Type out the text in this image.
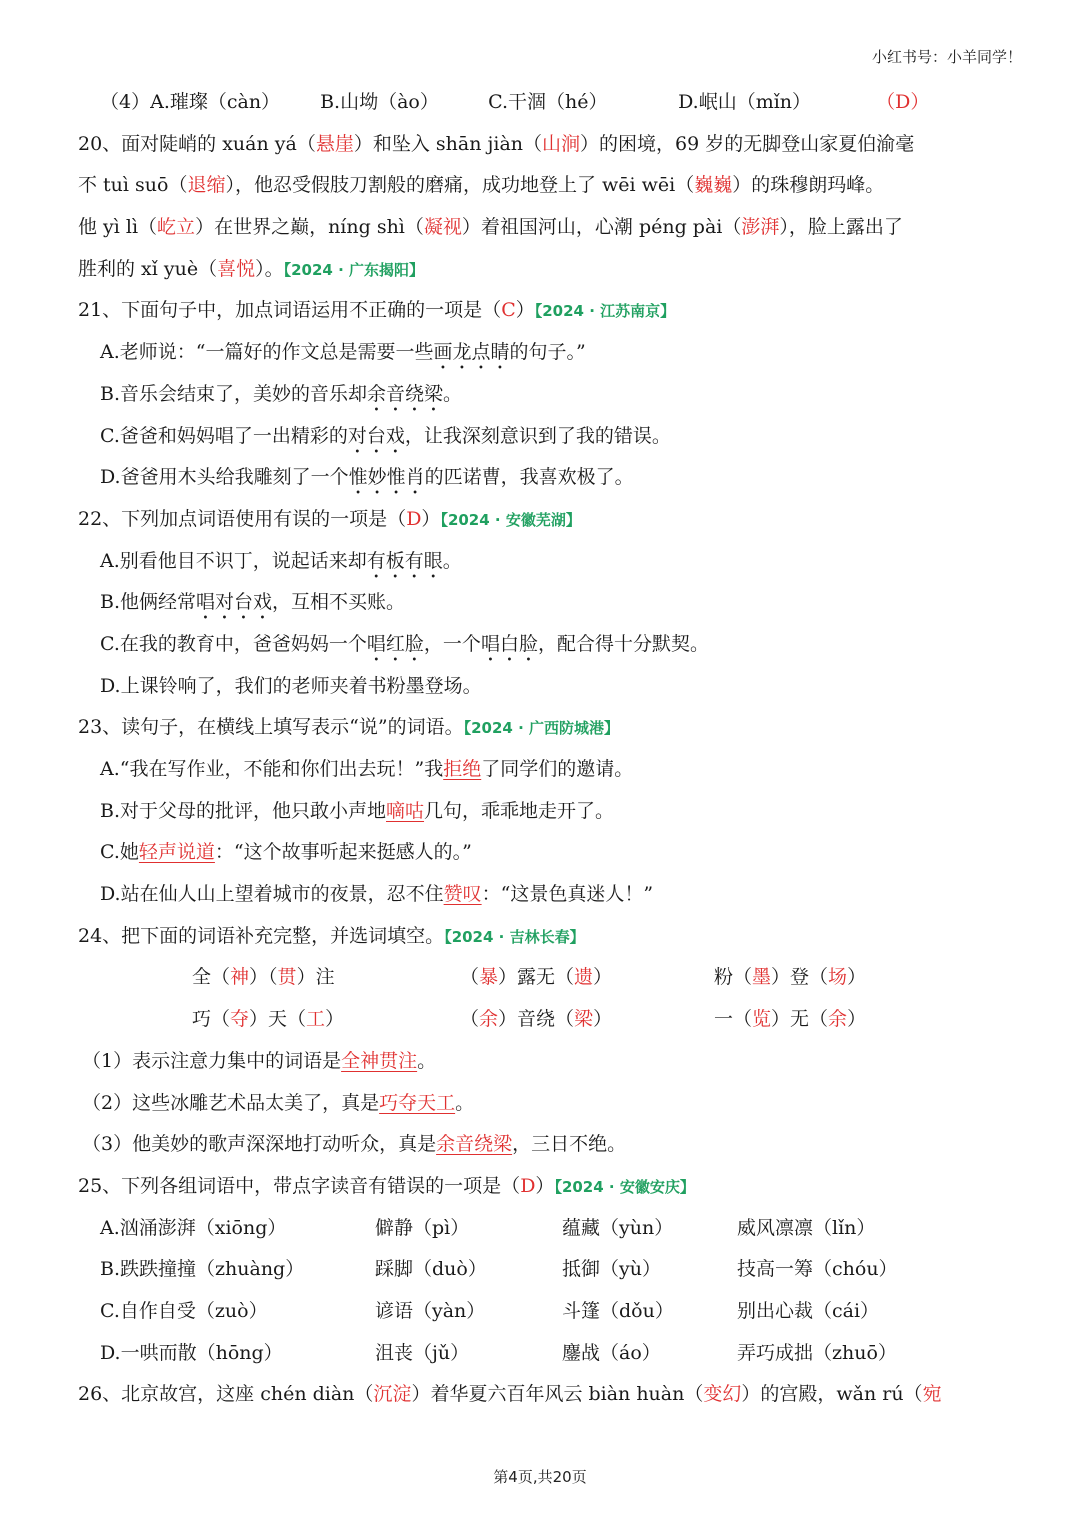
小红书号：小羊同学！
（4） A.璀璨（càn）	B.山坳（ào）	C.干涸（hé）	D.岷山（mǐn）	（D）
20、面对陡峭的 xuán yá（悬崖）和坠入 shān jiàn（山涧）的困境，69 岁的无脚登山家夏伯渝毫
不 tuì suō（退缩），他忍受假肢刀割般的磨痛，成功地登上了 wēi wēi（巍巍）的珠穆朗玛峰。
他 yì lì（屹立）在世界之巅，níng shì（凝视）着祖国河山，心潮 péng pài（澎湃），脸上露出了
胜利的 xǐ yuè（喜悦）。【2024 · 广东揭阳】
21、下面句子中，加点词语运用不正确的一项是（C）【2024 · 江苏南京】
A.老师说：“一篇好的作文总是需要一些画龙点睛的句子。”
B.音乐会结束了，美妙的音乐却余音绕梁。
C.爸爸和妈妈唱了一出精彩的对台戏，让我深刻意识到了我的错误。
D.爸爸用木头给我雕刻了一个惟妙惟肖的匹诺曹，我喜欢极了。
22、下列加点词语使用有误的一项是（D）【2024 · 安徽芜湖】
A.别看他目不识丁，说起话来却有板有眼。
B.他俩经常唱对台戏，互相不买账。
C.在我的教育中，爸爸妈妈一个唱红脸，一个唱白脸，配合得十分默契。
D.上课铃响了，我们的老师夹着书粉墨登场。
23、读句子，在横线上填写表示“说”的词语。【2024 · 广西防城港】
A.“我在写作业，不能和你们出去玩！”我拒绝了同学们的邀请。
B.对于父母的批评，他只敢小声地嘀咕几句，乖乖地走开了。
C.她轻声说道：“这个故事听起来挺感人的。”
D.站在仙人山上望着城市的夜景，忍不住赞叹：“这景色真迷人！”
24、把下面的词语补充完整，并选词填空。【2024 · 吉林长春】
全（神）（贯）注	（暴）露无（遗）	粉（墨）登（场）
巧（夺）天（工）	（余）音绕（梁）	一（览）无（余）
（1）表示注意力集中的词语是全神贯注。
（2）这些冰雕艺术品太美了，真是巧夺天工。
（3）他美妙的歌声深深地打动听众，真是余音绕梁，三日不绝。
25、下列各组词语中，带点字读音有错误的一项是（D）【2024 · 安徽安庆】
A.汹涌澎湃（xiōng）	僻静（pì）	蕴藏（yùn）	威风凛凛（lǐn）
B.跌跌撞撞（zhuàng）	踩脚（duò）	抵御（yù）	技高一筹（chóu）
C.自作自受（zuò）	谚语（yàn）	斗篷（dǒu）	别出心裁（cái）
D.一哄而散（hōng）	沮丧（jǔ）	鏖战（áo）	弄巧成拙（zhuō）
26、北京故宫，这座 chén diàn（沉淀）着华夏六百年风云 biàn huàn（变幻）的宫殿，wǎn rú（宛
第4页,共20页
